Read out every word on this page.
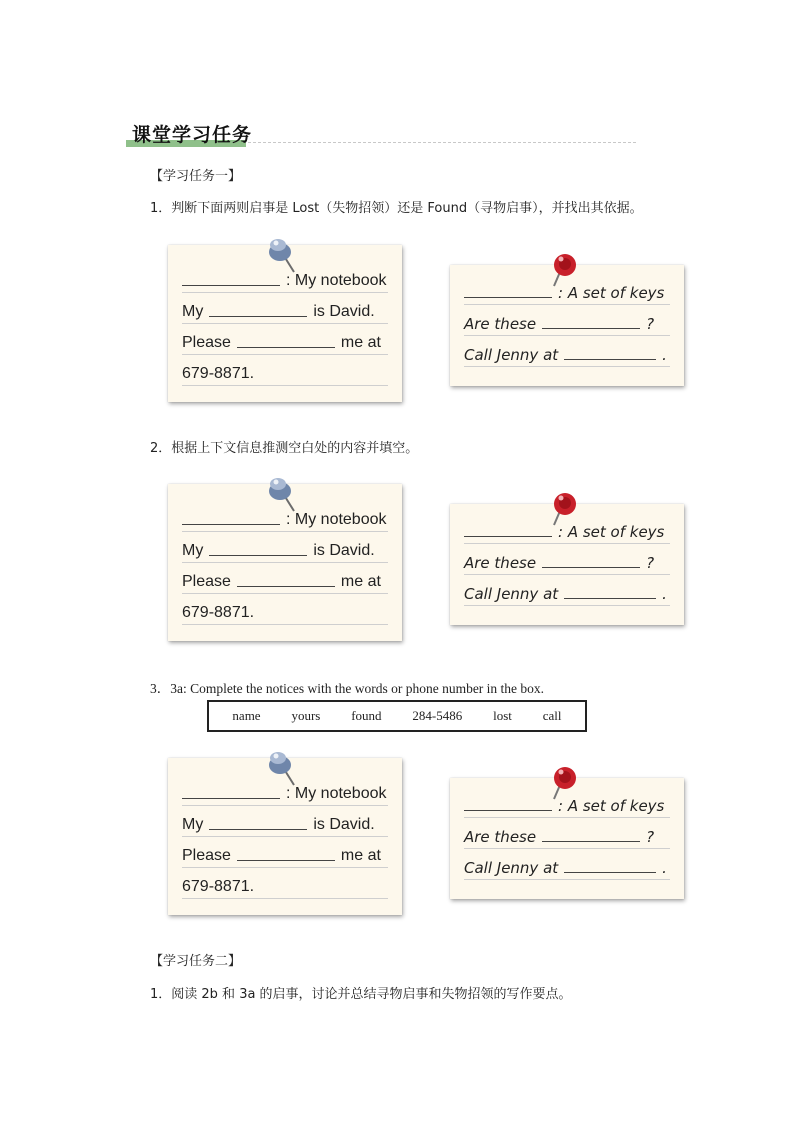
课堂学习任务
【学习任务一】
1．判断下面两则启事是 Lost（失物招领）还是 Found（寻物启事），并找出其依据。
: My notebook
My	is David.
Please	me at
679-8871.
: A set of keys
Are these	?
Call Jenny at	.
2．根据上下文信息推测空白处的内容并填空。
: My notebook
My	is David.
Please	me at
679-8871.
: A set of keys
Are these	?
Call Jenny at	.
3．3a: Complete the notices with the words or phone number in the box.
name yours found 284-5486 lost call
: My notebook
My	is David.
Please	me at
679-8871.
: A set of keys
Are these	?
Call Jenny at	.
【学习任务二】
1．阅读 2b 和 3a 的启事，讨论并总结寻物启事和失物招领的写作要点。
